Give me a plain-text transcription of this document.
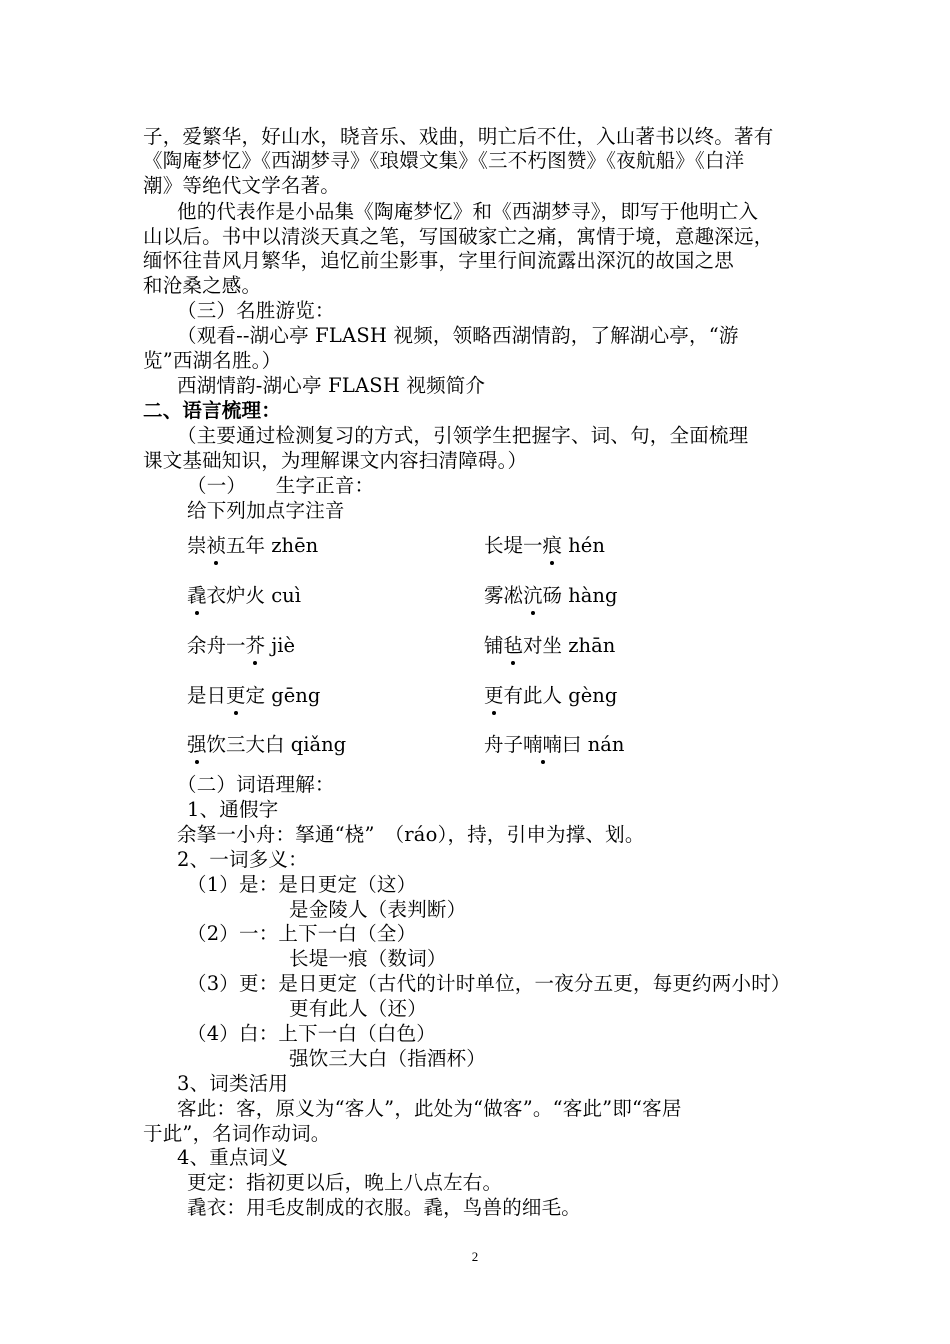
子，爱繁华，好山水，晓音乐、戏曲，明亡后不仕，入山著书以终。著有
《陶庵梦忆》《西湖梦寻》《琅嬛文集》《三不朽图赞》《夜航船》《白洋
潮》等绝代文学名著。
他的代表作是小品集《陶庵梦忆》和《西湖梦寻》，即写于他明亡入
山以后。书中以清淡天真之笔，写国破家亡之痛，寓情于境，意趣深远，
缅怀往昔风月繁华，追忆前尘影事，字里行间流露出深沉的故国之思
和沧桑之感。
（三）名胜游览：
（观看--湖心亭 FLASH 视频，领略西湖情韵，了解湖心亭，“游
览”西湖名胜。）
西湖情韵-湖心亭 FLASH 视频简介
二、语言梳理：
（主要通过检测复习的方式，引领学生把握字、词、句，全面梳理
课文基础知识，为理解课文内容扫清障碍。）
（一）　　生字正音：
给下列加点字注音
崇祯五年 zhēn	长堤一痕 hén
毳衣炉火 cuì	雾凇沆砀 hàng
余舟一芥 jiè	铺毡对坐 zhān
是日更定 gēng	更有此人 gèng
强饮三大白 qiǎng	舟子喃喃曰 nán
（二）词语理解：
1、通假字
余拏一小舟：拏通“桡”　（ráo），持，引申为撑、划。
2、一词多义：
（1）是：是日更定（这）
是金陵人（表判断）
（2）一：上下一白（全）
长堤一痕（数词）
（3）更：是日更定（古代的计时单位，一夜分五更，每更约两小时）
更有此人（还）
（4）白：上下一白（白色）
强饮三大白（指酒杯）
3、词类活用
客此：客，原义为“客人”，此处为“做客”。“客此”即“客居
于此”，名词作动词。
4、重点词义
更定：指初更以后，晚上八点左右。
毳衣：用毛皮制成的衣服。毳，鸟兽的细毛。
2
